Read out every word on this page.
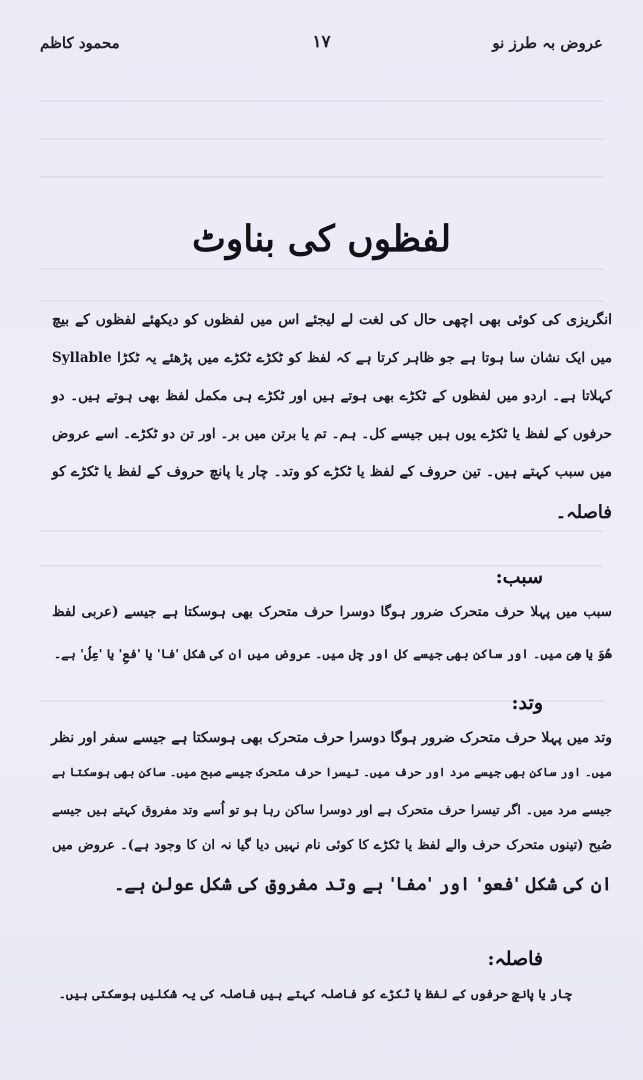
محمود کاظم	۱۷	عروض بہ طرز نو
لفظوں کی بناوٹ
انگریزی کی کوئی بھی اچھی حال کی لغت لے لیجئے اس میں لفظوں کو دیکھئے لفظوں کے بیچ
میں ایک نشان سا ہوتا ہے جو ظاہر کرتا ہے کہ لفظ کو ٹکڑے ٹکڑے میں پڑھئے یہ ٹکڑا Syllable
کہلاتا ہے۔ اردو میں لفظوں کے ٹکڑے بھی ہوتے ہیں اور ٹکڑے ہی مکمل لفظ بھی ہوتے ہیں۔ دو
حرفوں کے لفظ یا ٹکڑے یوں ہیں جیسے کل۔ ہم۔ تم یا برتن میں بر۔ اور تن دو ٹکڑے۔ اسے عروض
میں سبب کہتے ہیں۔ تین حروف کے لفظ یا ٹکڑے کو وتد۔ چار یا پانچ حروف کے لفظ یا ٹکڑے کو
فاصلہ۔
سبب:
سبب میں پہلا حرف متحرک ضرور ہوگا دوسرا حرف متحرک بھی ہوسکتا ہے جیسے (عربی لفظ
ھُوَ یا ھِیَ میں۔ اور ساکن بھی جیسے کل اور چل میں۔ عروض میں ان کی شکل 'فا' یا 'فعِ' یا 'عِلُ' ہے۔
وتد:
وتد میں پہلا حرف متحرک ضرور ہوگا دوسرا حرف متحرک بھی ہوسکتا ہے جیسے سفر اور نظر
میں۔ اور ساکن بھی جیسے مرد اور حرف میں۔ تیسرا حرف متحرک جیسے صبح میں۔ ساکن بھی ہوسکتا ہے
جیسے مرد میں۔ اگر تیسرا حرف متحرک ہے اور دوسرا ساکن رہا ہو تو اُسے وتد مفروق کہتے ہیں جیسے
صُبح (تینوں متحرک حرف والے لفظ یا ٹکڑے کا کوئی نام نہیں دیا گیا نہ ان کا وجود ہے)۔ عروض میں
ان کی شکل 'فعو' اور 'مفا' ہے وتد مفروق کی شکل عولن ہے۔
فاصلہ:
چار یا پانچ حرفوں کے لفظ یا ٹکڑے کو فاصلہ کہتے ہیں فاصلہ کی یہ شکلیں ہوسکتی ہیں۔
